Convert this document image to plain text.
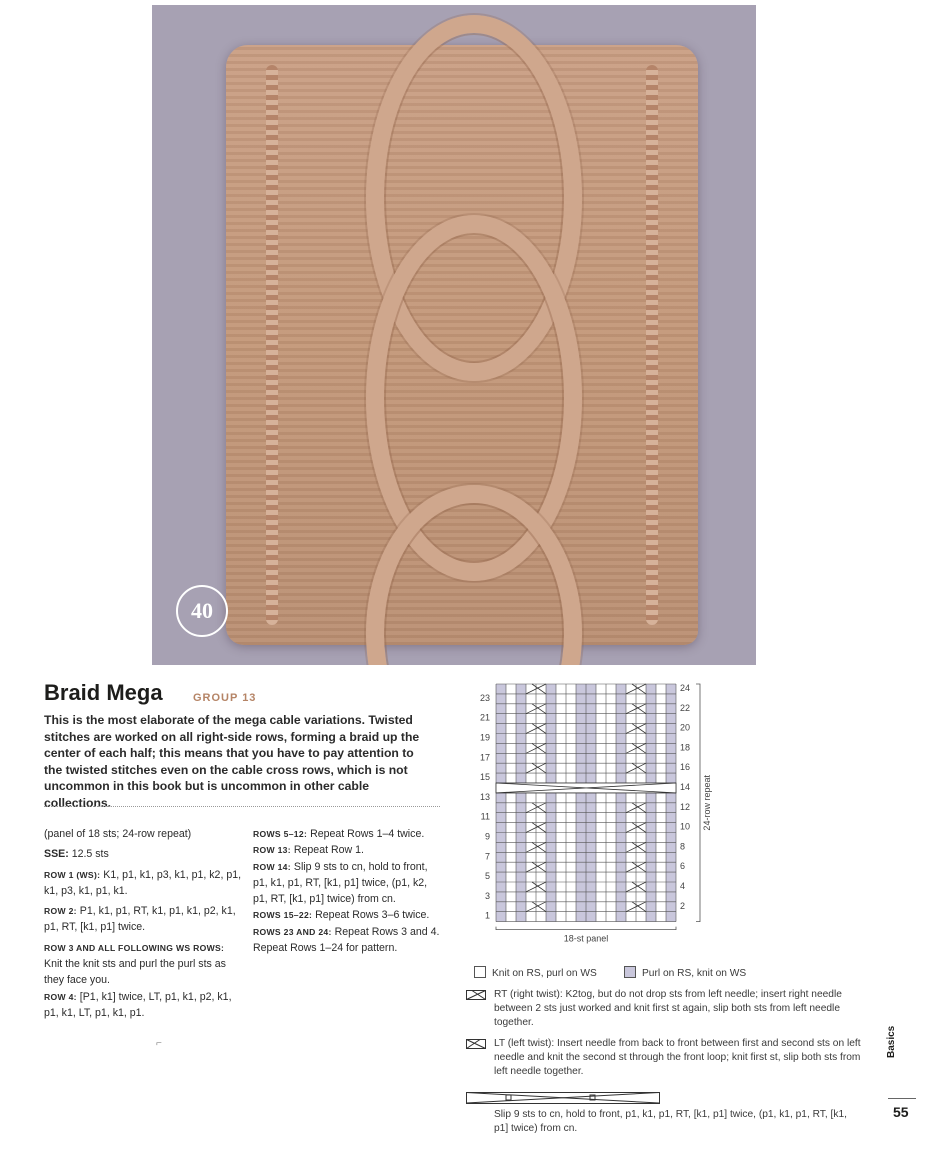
40
Braid Mega	GROUP 13
This is the most elaborate of the mega cable variations. Twisted stitches are worked on all right-side rows, forming a braid up the center of each half; this means that you have to pay attention to the twisted stitches even on the cable cross rows, which is not uncommon in this book but is uncommon in other cable collections.

(panel of 18 sts; 24-row repeat)

SSE: 12.5 sts

ROW 1 (WS): K1, p1, k1, p3, k1, p1, k2, p1, k1, p3, k1, p1, k1.

ROW 2: P1, k1, p1, RT, k1, p1, k1, p2, k1, p1, RT, [k1, p1] twice.

ROW 3 AND ALL FOLLOWING WS ROWS:
Knit the knit sts and purl the purl sts as they face you.

ROW 4: [P1, k1] twice, LT, p1, k1, p2, k1, p1, k1, LT, p1, k1, p1.

ROWS 5–12: Repeat Rows 1–4 twice.

ROW 13: Repeat Row 1.

ROW 14: Slip 9 sts to cn, hold to front, p1, k1, p1, RT, [k1, p1] twice, (p1, k2, p1, RT, [k1, p1] twice) from cn.

ROWS 15–22: Repeat Rows 3–6 twice.

ROWS 23 AND 24: Repeat Rows 3 and 4.

Repeat Rows 1–24 for pattern.

23
21
19
17
15
13
11
9
7
5
3
1
24
22
20
18
16
14
12
10
8
6
4
2
24-row repeat
18-st panel
Knit on RS, purl on WS	Purl on RS, knit on WS
RT (right twist): K2tog, but do not drop sts from left needle; insert right needle between 2 sts just worked and knit first st again, slip both sts from left needle together.
LT (left twist): Insert needle from back to front between first and second sts on left needle and knit the second st through the front loop; knit first st, slip both sts from left needle together.
Slip 9 sts to cn, hold to front, p1, k1, p1, RT, [k1, p1] twice, (p1, k1, p1, RT, [k1, p1] twice) from cn.
⌐	Basics
55
